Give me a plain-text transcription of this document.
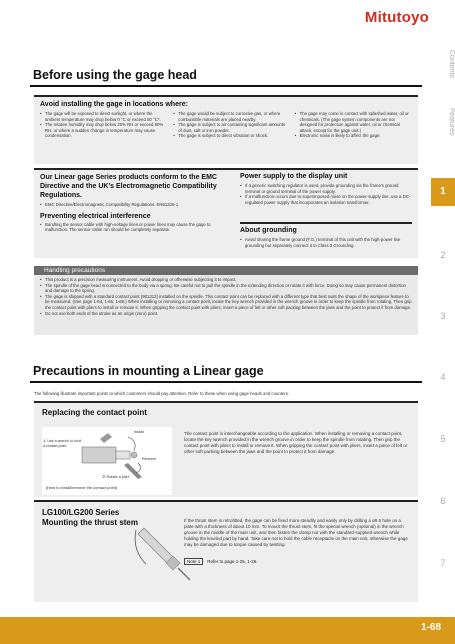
Mitutoyo
Contents
Features
1
2
3
4
5
6
7
Before using the gage head
Avoid installing the gage in locations where:
• The gage will be exposed to direct sunlight, or where the ambient temperature may drop below 0 °C or exceed 50 °C*.
• The relative humidity may drop below 20% RH or exceed 80% RH, or where a sudden change in temperature may cause condensation.
• The gage would be subject to corrosive gas, or where combustible materials are placed nearby.
• The gage is subject to air containing significant amounts of dust, salt or iron powder.
• The gage is subject to direct vibration or shock.
• The gage may come in contact with splashed water, oil or chemicals. (The gage system components are not designed for protection against water, oil or chemical attack, except for the gage unit.)
• Electronic noise is likely to affect the gage.
Our Linear gage Series products conform to the EMC Directive and the UK's Electromagnetic Compatibility Regulations.
• EMC Directive/Electromagnetic Compatibility Regulations: EN61326-1
Preventing electrical interference
• Bundling the sensor cable with high-voltage lines or power lines may cause the gage to malfunction. The sensor cable run should be completely separate.
Power supply to the display unit
• If a generic switching regulator is used, provide grounding via the frame's ground terminal or ground terminal of the power supply.
• If a malfunction occurs due to superimposed noise on the power-supply line, use a DC-regulated power supply that incorporates an isolation transformer.
About grounding
• Avoid sharing the frame ground (F.G.) terminal of this unit with the high-power line grounding but separately connect it to Class 3 Grounding.
Handling precautions
• This product is a precision measuring instrument. Avoid dropping or otherwise subjecting it to impact.
• The spindle of the gage head is connected to the body via a spring. Be careful not to pull the spindle in the extending direction or rotate it with force. Doing so may cause permanent distortion and damage to the spring.
• The gage is shipped with a standard contact point (901312) installed on the spindle. This contact point can be replaced with a different type that best suits the shape of the workpiece feature to be measured. (See page 1-64, 1-65, 1-68.) When installing or removing a contact point, locate the key wrench provided in the wrench groove in order to keep the spindle from rotating. Then grip the contact point with pliers to install or remove it. When gripping the contact point with pliers, insert a piece of felt or other soft packing between the jaws and the point to protect it from damage.
• Do not use both ends of the stroke as an origin (zero) point.
Precautions in mounting a Linear gage
The following illustrate important points to which customers should pay attention. Refer to these when using gage heads and counters.
Replacing the contact point
① Use a wrench to hold a contact point
Install
Remove
② Rotate a plier
[How to install/remove the contact point]
The contact point is interchangeable according to the application. When installing or removing a contact point, locate the key wrench provided in the wrench groove in order to keep the spindle from rotating. Then grip the contact point with pliers to install or remove it. When gripping the contact point with pliers, insert a piece of felt or other soft packing between the jaws and the point to protect it from damage.
LG100/LG200 Series
Mounting the thrust stem	If the thrust stem is retrofitted, the gage can be fixed more steadily and easily only by drilling a ø9.5 hole on a plate with a thickness of about 10 mm. To mount the thrust stem, fit the special wrench (optional) in the wrench groove in the middle of the main unit, and then fasten the clamp nut with the standard-supplied wrench while holding the knurled part by hand. Take care not to hold the cable receptacle on the main unit, otherwise the gage may be damaged due to torque caused by twisting.
Note 1 Refer to page 1-25, 1-26.
1-68
